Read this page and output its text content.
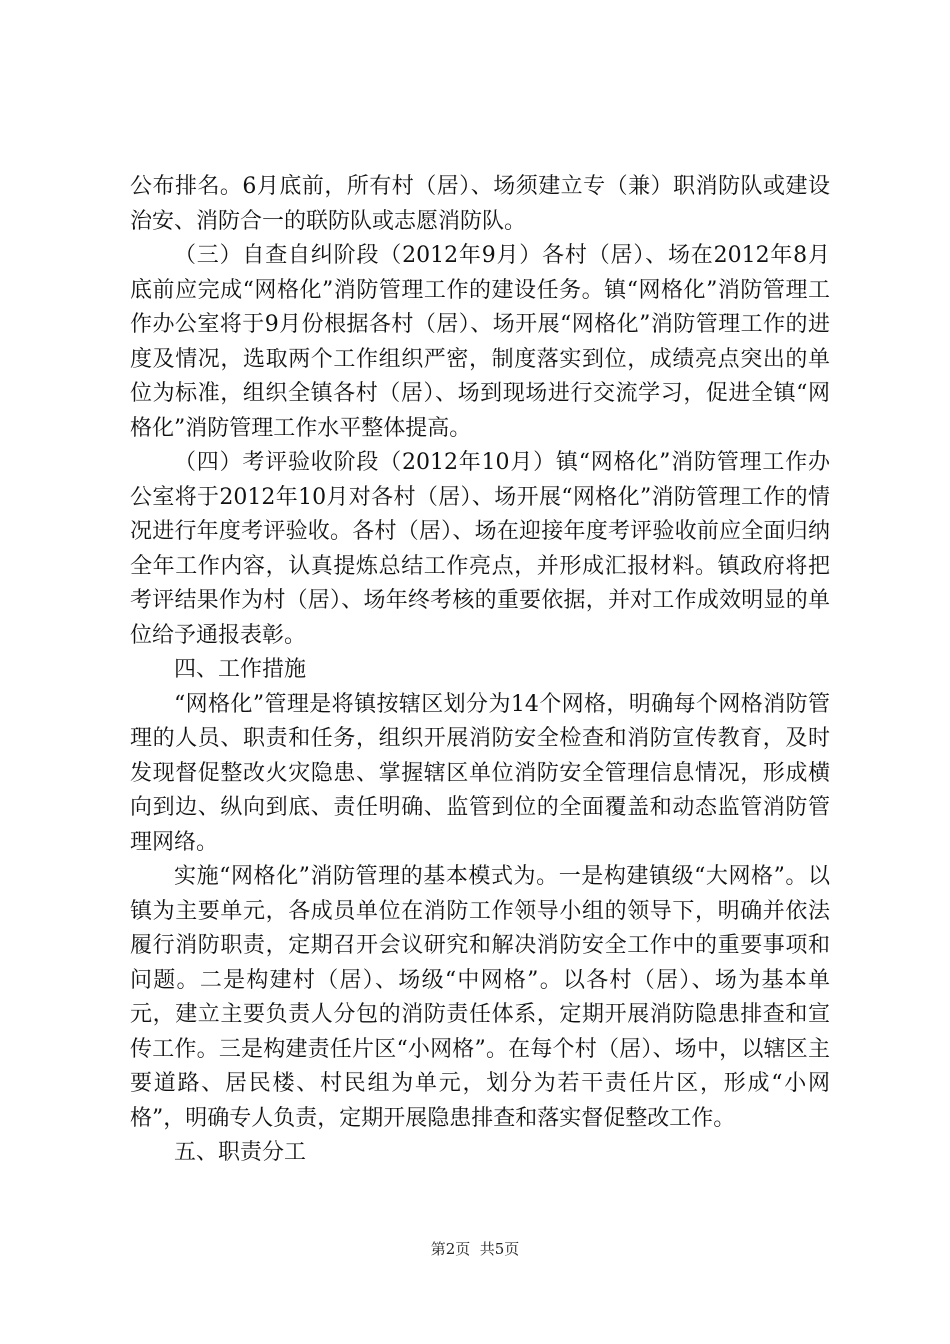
公布排名。6月底前，所有村（居）、场须建立专（兼）职消防队或建设治安、消防合一的联防队或志愿消防队。

（三）自查自纠阶段（2012年9月）各村（居）、场在2012年8月底前应完成“网格化”消防管理工作的建设任务。镇“网格化”消防管理工作办公室将于9月份根据各村（居）、场开展“网格化”消防管理工作的进度及情况，选取两个工作组织严密，制度落实到位，成绩亮点突出的单位为标准，组织全镇各村（居）、场到现场进行交流学习，促进全镇“网格化”消防管理工作水平整体提高。

（四）考评验收阶段（2012年10月）镇“网格化”消防管理工作办公室将于2012年10月对各村（居）、场开展“网格化”消防管理工作的情况进行年度考评验收。各村（居）、场在迎接年度考评验收前应全面归纳全年工作内容，认真提炼总结工作亮点，并形成汇报材料。镇政府将把考评结果作为村（居）、场年终考核的重要依据，并对工作成效明显的单位给予通报表彰。

四、工作措施

“网格化”管理是将镇按辖区划分为14个网格，明确每个网格消防管理的人员、职责和任务，组织开展消防安全检查和消防宣传教育，及时发现督促整改火灾隐患、掌握辖区单位消防安全管理信息情况，形成横向到边、纵向到底、责任明确、监管到位的全面覆盖和动态监管消防管理网络。

实施“网格化”消防管理的基本模式为。一是构建镇级“大网格”。以镇为主要单元，各成员单位在消防工作领导小组的领导下，明确并依法履行消防职责，定期召开会议研究和解决消防安全工作中的重要事项和问题。二是构建村（居）、场级“中网格”。以各村（居）、场为基本单元，建立主要负责人分包的消防责任体系，定期开展消防隐患排查和宣传工作。三是构建责任片区“小网格”。在每个村（居）、场中，以辖区主要道路、居民楼、村民组为单元，划分为若干责任片区，形成“小网格”，明确专人负责，定期开展隐患排查和落实督促整改工作。

五、职责分工

第2页  共5页
